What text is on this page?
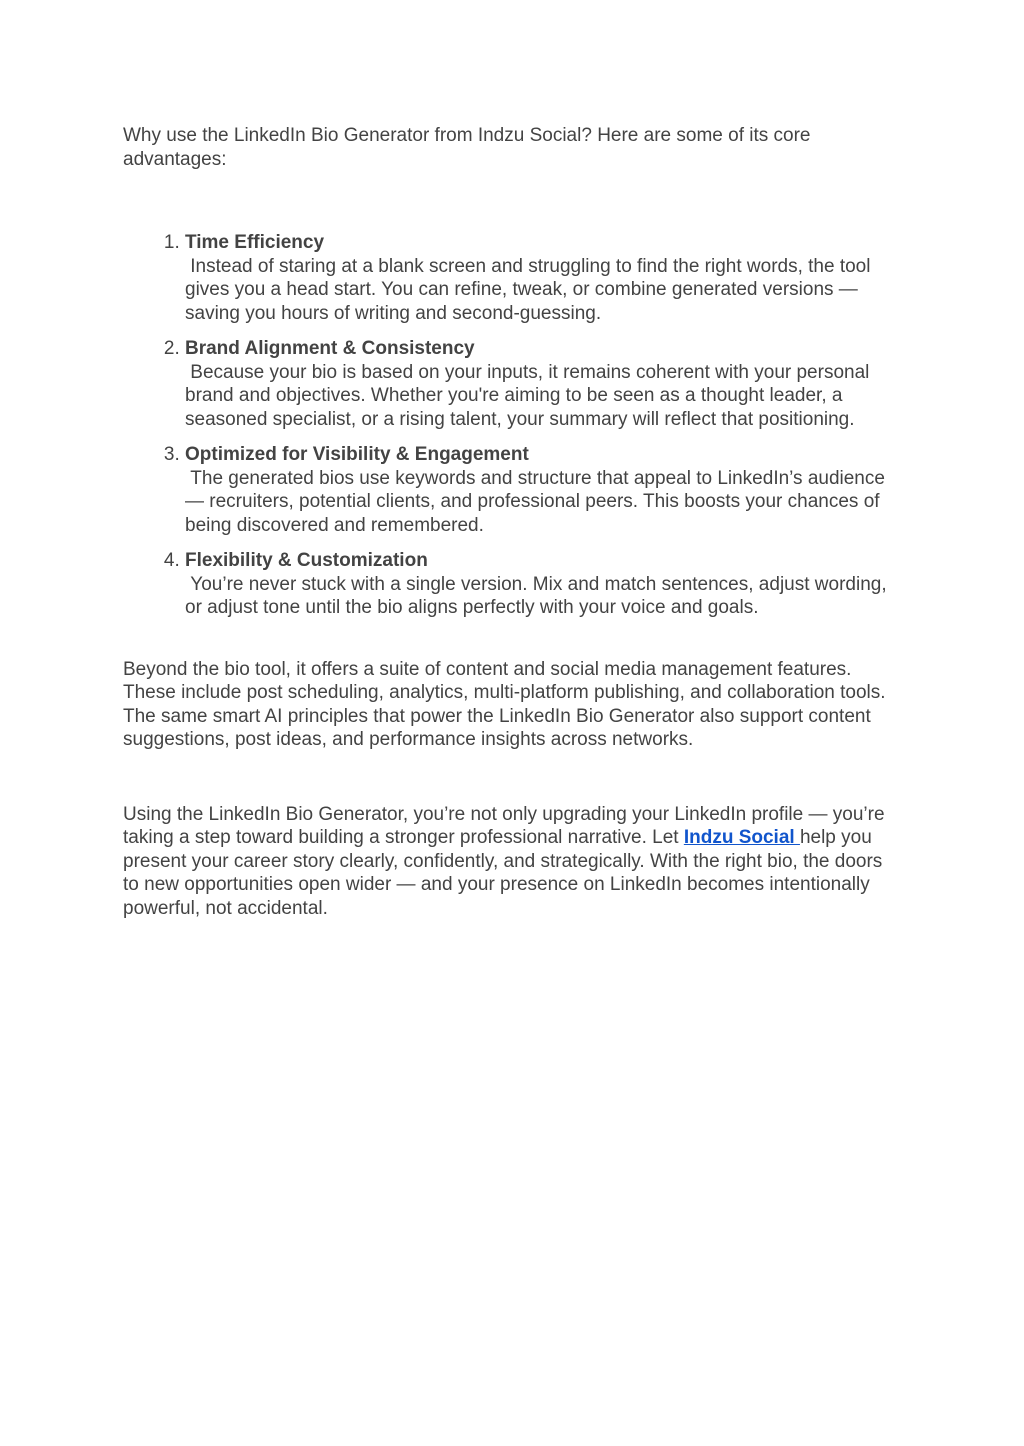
Why use the LinkedIn Bio Generator from Indzu Social? Here are some of its core advantages:

1. Time Efficiency
Instead of staring at a blank screen and struggling to find the right words, the tool gives you a head start. You can refine, tweak, or combine generated versions — saving you hours of writing and second-guessing.
2. Brand Alignment & Consistency
Because your bio is based on your inputs, it remains coherent with your personal brand and objectives. Whether you're aiming to be seen as a thought leader, a seasoned specialist, or a rising talent, your summary will reflect that positioning.
3. Optimized for Visibility & Engagement
The generated bios use keywords and structure that appeal to LinkedIn’s audience — recruiters, potential clients, and professional peers. This boosts your chances of being discovered and remembered.
4. Flexibility & Customization
You’re never stuck with a single version. Mix and match sentences, adjust wording, or adjust tone until the bio aligns perfectly with your voice and goals.

Beyond the bio tool, it offers a suite of content and social media management features. These include post scheduling, analytics, multi-platform publishing, and collaboration tools. The same smart AI principles that power the LinkedIn Bio Generator also support content suggestions, post ideas, and performance insights across networks.

Using the LinkedIn Bio Generator, you’re not only upgrading your LinkedIn profile — you’re taking a step toward building a stronger professional narrative. Let Indzu Social help you present your career story clearly, confidently, and strategically. With the right bio, the doors to new opportunities open wider — and your presence on LinkedIn becomes intentionally powerful, not accidental.
